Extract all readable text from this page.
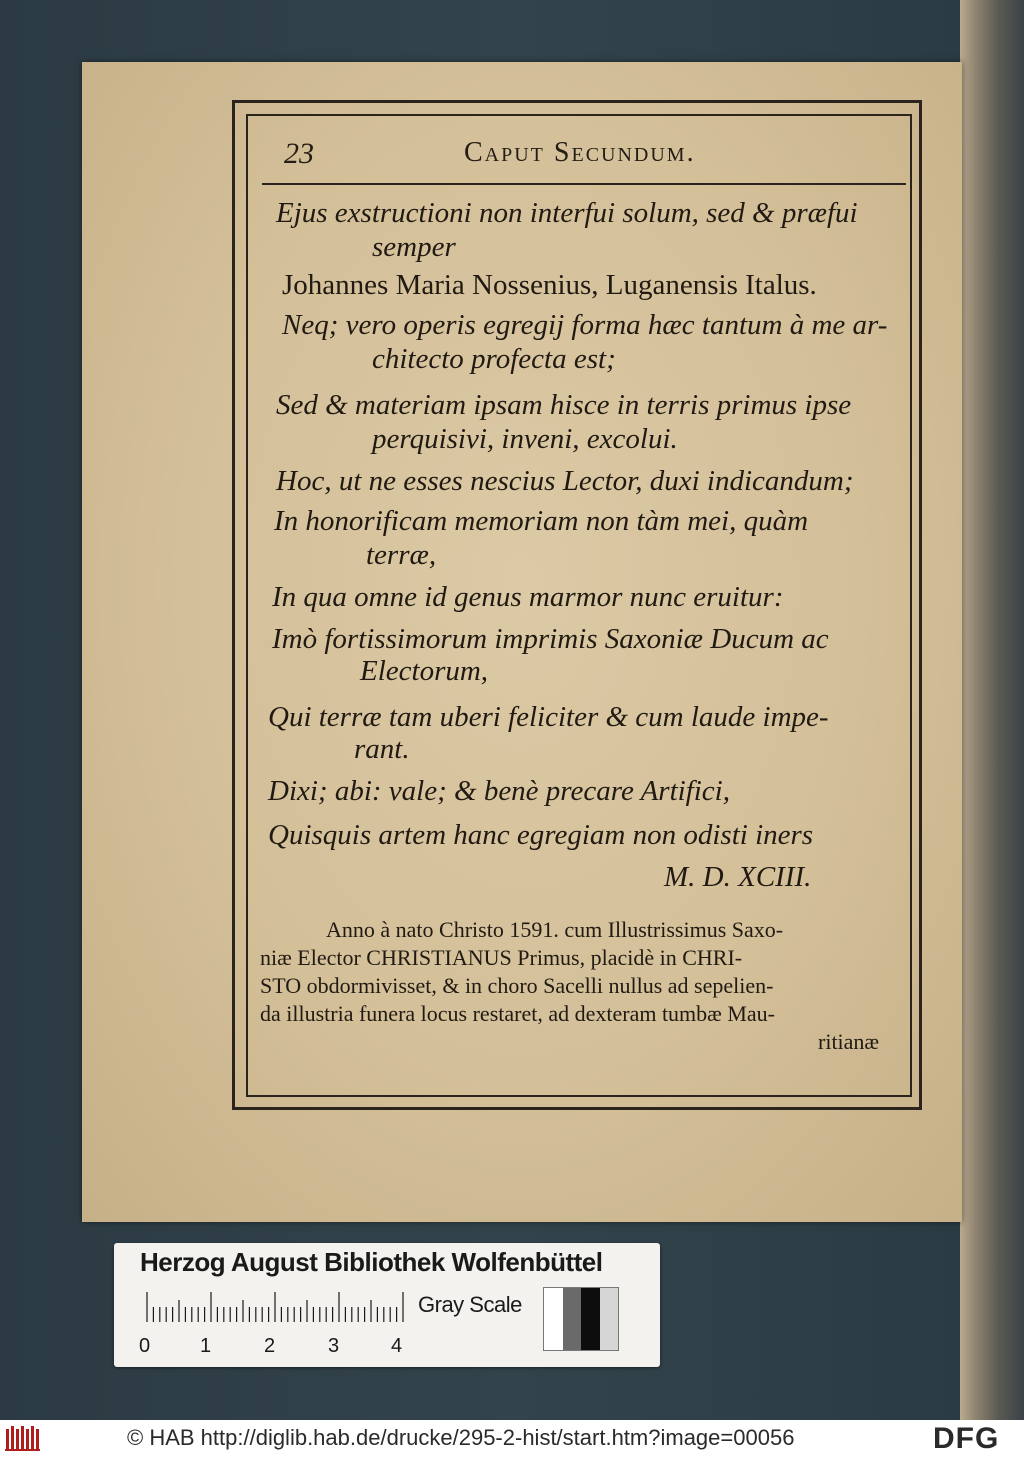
23	Caput Secundum.
Ejus exstructioni non interfui solum, sed & præfui
semper
Johannes Maria Nossenius, Luganensis Italus.
Neq; vero operis egregij forma hæc tantum à me ar-
chitecto profecta est;
Sed & materiam ipsam hisce in terris primus ipse
perquisivi, inveni, excolui.
Hoc, ut ne esses nescius Lector, duxi indicandum;
In honorificam memoriam non tàm mei, quàm
terræ,
In qua omne id genus marmor nunc eruitur:
Imò fortissimorum imprimis Saxoniæ Ducum ac
Electorum,
Qui terræ tam uberi feliciter & cum laude impe-
rant.
Dixi; abi: vale; & benè precare Artifici,
Quisquis artem hanc egregiam non odisti iners
M. D. XCIII.
Anno à nato Christo 1591. cum Illustrissimus Saxo-
niæ Elector CHRISTIANUS Primus, placidè in CHRI-
STO obdormivisset, & in choro Sacelli nullus ad sepelien-
da illustria funera locus restaret, ad dexteram tumbæ Mau-
ritianæ
Herzog August Bibliothek Wolfenbüttel
Gray Scale
0 1	2	3	4
© HAB http://diglib.hab.de/drucke/295-2-hist/start.htm?image=00056	DFG
